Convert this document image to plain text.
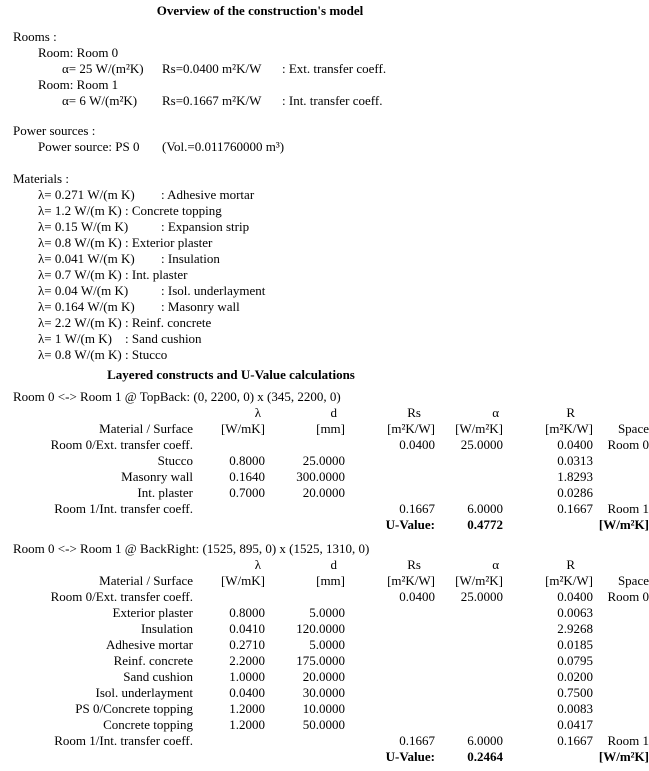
Overview of the construction's model
Rooms :
Room: Room 0
α= 25 W/(m²K) Rs=0.0400 m²K/W : Ext. transfer coeff.
Room: Room 1
α= 6 W/(m²K) Rs=0.1667 m²K/W : Int. transfer coeff.
Power sources :
Power source: PS 0 (Vol.=0.011760000 m³)
Materials :
λ= 0.271 W/(m K) : Adhesive mortar
λ= 1.2 W/(m K) : Concrete topping
λ= 0.15 W/(m K)	: Expansion strip
λ= 0.8 W/(m K) : Exterior plaster
λ= 0.041 W/(m K) : Insulation
λ= 0.7 W/(m K) : Int. plaster
λ= 0.04 W/(m K)	: Isol. underlayment
λ= 0.164 W/(m K) : Masonry wall
λ= 2.2 W/(m K) : Reinf. concrete
λ= 1 W/(m K) : Sand cushion
λ= 0.8 W/(m K) : Stucco
Layered constructs and U-Value calculations
Room 0 <-> Room 1 @ TopBack: (0, 2200, 0) x (345, 2200, 0)
	λ	d	Rs	α	R	
Material / Surface	[W/mK]	[mm]	[m²K/W]	[W/m²K]	[m²K/W]	Space
Room 0/Ext. transfer coeff.			0.0400	25.0000	0.0400	Room 0
Stucco	0.8000	25.0000			0.0313	
Masonry wall	0.1640	300.0000			1.8293	
Int. plaster	0.7000	20.0000			0.0286	
Room 1/Int. transfer coeff.			0.1667	6.0000	0.1667	Room 1
			U-Value:	0.4772	[W/m²K]	
Room 0 <-> Room 1 @ BackRight: (1525, 895, 0) x (1525, 1310, 0)
	λ	d	Rs	α	R	
Material / Surface	[W/mK]	[mm]	[m²K/W]	[W/m²K]	[m²K/W]	Space
Room 0/Ext. transfer coeff.			0.0400	25.0000	0.0400	Room 0
Exterior plaster	0.8000	5.0000			0.0063	
Insulation	0.0410	120.0000			2.9268	
Adhesive mortar	0.2710	5.0000			0.0185	
Reinf. concrete	2.2000	175.0000			0.0795	
Sand cushion	1.0000	20.0000			0.0200	
Isol. underlayment	0.0400	30.0000			0.7500	
PS 0/Concrete topping	1.2000	10.0000			0.0083	
Concrete topping	1.2000	50.0000			0.0417	
Room 1/Int. transfer coeff.			0.1667	6.0000	0.1667	Room 1
			U-Value:	0.2464	[W/m²K]	
